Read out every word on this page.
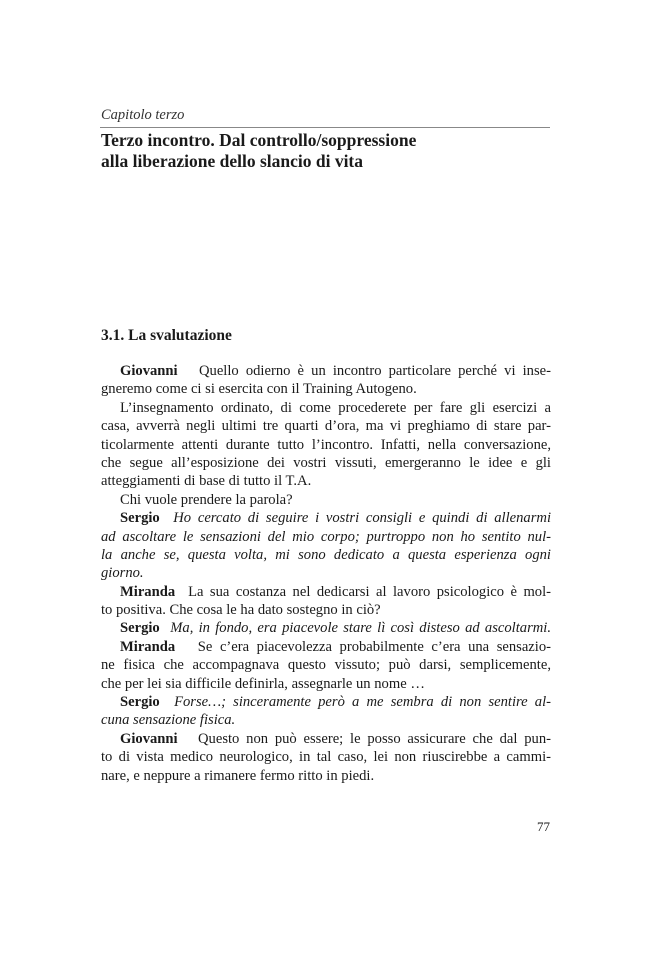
Capitolo terzo
Terzo incontro. Dal controllo/soppressione
alla liberazione dello slancio di vita
3.1. La svalutazione
Giovanni Quello odierno è un incontro particolare perché vi inse-
gneremo come ci si esercita con il Training Autogeno.
L’insegnamento ordinato, di come procederete per fare gli esercizi a
casa, avverrà negli ultimi tre quarti d’ora, ma vi preghiamo di stare par-
ticolarmente attenti durante tutto l’incontro. Infatti, nella conversazione,
che segue all’esposizione dei vostri vissuti, emergeranno le idee e gli
atteggiamenti di base di tutto il T.A.
Chi vuole prendere la parola?
Sergio Ho cercato di seguire i vostri consigli e quindi di allenarmi
ad ascoltare le sensazioni del mio corpo; purtroppo non ho sentito nul-
la anche se, questa volta, mi sono dedicato a questa esperienza ogni
giorno.
Miranda La sua costanza nel dedicarsi al lavoro psicologico è mol-
to positiva. Che cosa le ha dato sostegno in ciò?
Sergio Ma, in fondo, era piacevole stare lì così disteso ad ascoltarmi.
Miranda Se c’era piacevolezza probabilmente c’era una sensazio-
ne fisica che accompagnava questo vissuto; può darsi, semplicemente,
che per lei sia difficile definirla, assegnarle un nome …
Sergio Forse…; sinceramente però a me sembra di non sentire al-
cuna sensazione fisica.
Giovanni Questo non può essere; le posso assicurare che dal pun-
to di vista medico neurologico, in tal caso, lei non riuscirebbe a cammi-
nare, e neppure a rimanere fermo ritto in piedi.
77
